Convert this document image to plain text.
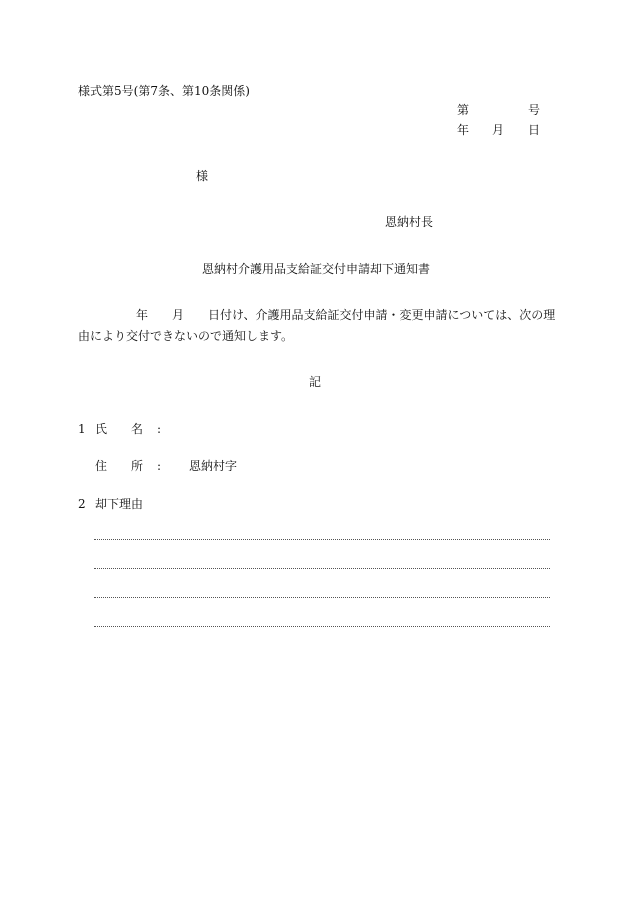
様式第5号(第7条、第10条関係)
第	号
年 月 日
様
恩納村長
恩納村介護用品支給証交付申請却下通知書
年 月 日付け、介護用品支給証交付申請・変更申請については、次の理
由により交付できないので通知します。
記
1 氏　　名 :
住　　所 : 恩納村字
2 却下理由
